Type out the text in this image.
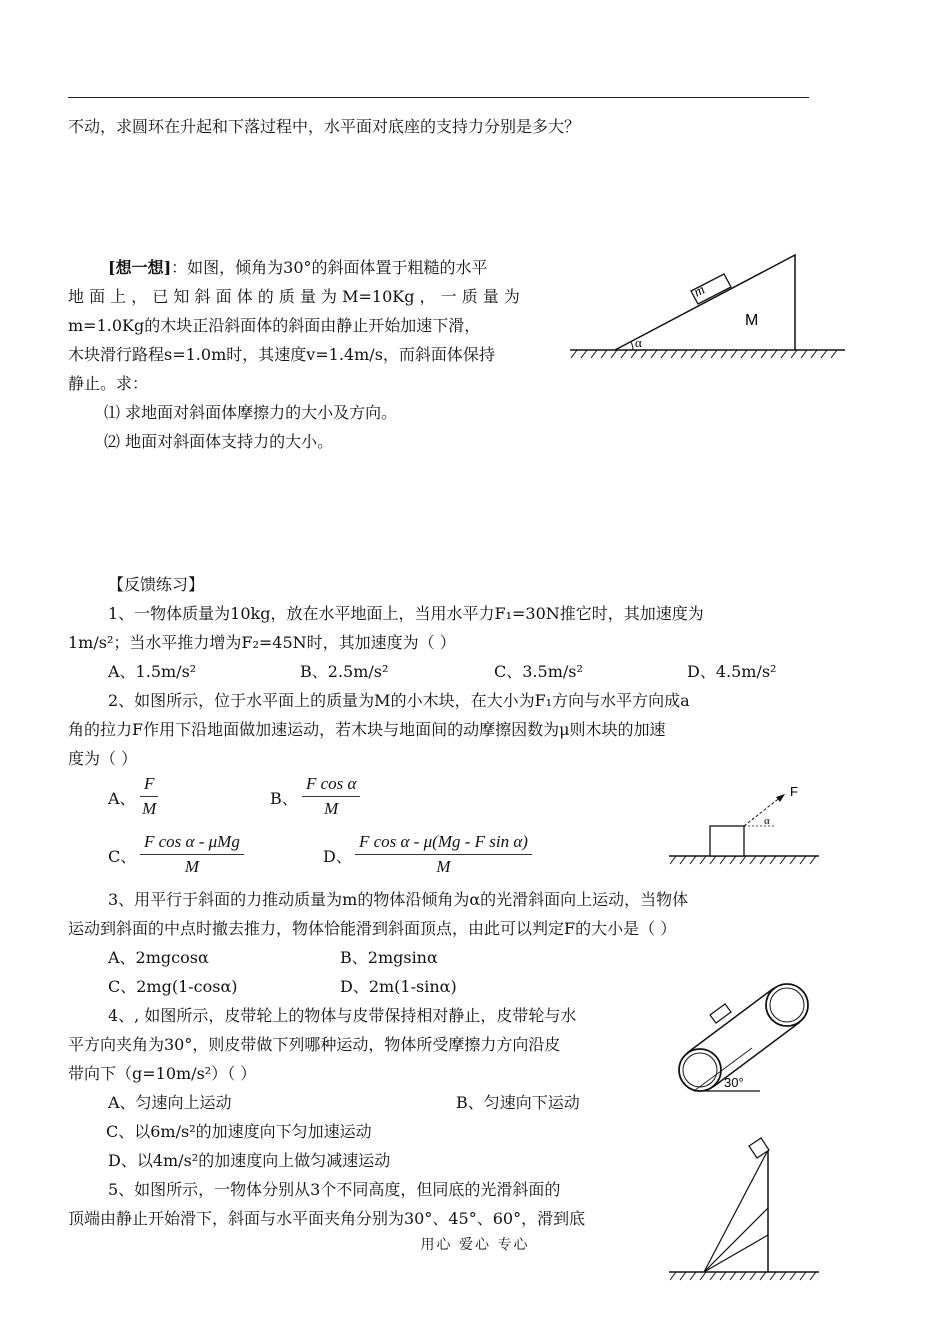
不动，求圆环在升起和下落过程中，水平面对底座的支持力分别是多大？
[想一想]：如图，倾角为30°的斜面体置于粗糙的水平
地 面 上 ， 已 知 斜 面 体 的 质 量 为 M=10Kg ， 一 质 量 为
m=1.0Kg的木块正沿斜面体的斜面由静止开始加速下滑，
木块滑行路程s=1.0m时，其速度v=1.4m/s，而斜面体保持
静止。求：
⑴ 求地面对斜面体摩擦力的大小及方向。
⑵ 地面对斜面体支持力的大小。
m
M
α
【反馈练习】
1、一物体质量为10kg，放在水平地面上，当用水平力F₁=30N推它时，其加速度为
1m/s²；当水平推力增为F₂=45N时，其加速度为（ ）
A、1.5m/s²	B、2.5m/s²	C、3.5m/s²	D、4.5m/s²
2、如图所示，位于水平面上的质量为M的小木块，在大小为F₁方向与水平方向成a
角的拉力F作用下沿地面做加速运动，若木块与地面间的动摩擦因数为μ则木块的加速
度为（ ）
A、 $\frac{F}{M}$	B、 $\frac{\text{F cos α}}{M}$
C、
F cos α - μMg
M
D、 $\frac{\text{F cos α - μ(Mg - F sin α)}}{M}$
F
α
3、用平行于斜面的力推动质量为m的物体沿倾角为α的光滑斜面向上运动，当物体
运动到斜面的中点时撤去推力，物体恰能滑到斜面顶点，由此可以判定F的大小是（ ）
A、2mgcosα	B、2mgsinα
C、2mg(1-cosα)	D、2m(1-sinα)
4、, 如图所示，皮带轮上的物体与皮带保持相对静止，皮带轮与水
平方向夹角为30°，则皮带做下列哪种运动，物体所受摩擦力方向沿皮
带向下（g=10m/s²）（ ）
A、匀速向上运动	B、匀速向下运动
C、以6m/s²的加速度向下匀加速运动
D、以4m/s²的加速度向上做匀减速运动
30°
5、如图所示，一物体分别从3个不同高度，但同底的光滑斜面的
顶端由静止开始滑下，斜面与水平面夹角分别为30°、45°、60°，滑到底
用心 爱心 专心
